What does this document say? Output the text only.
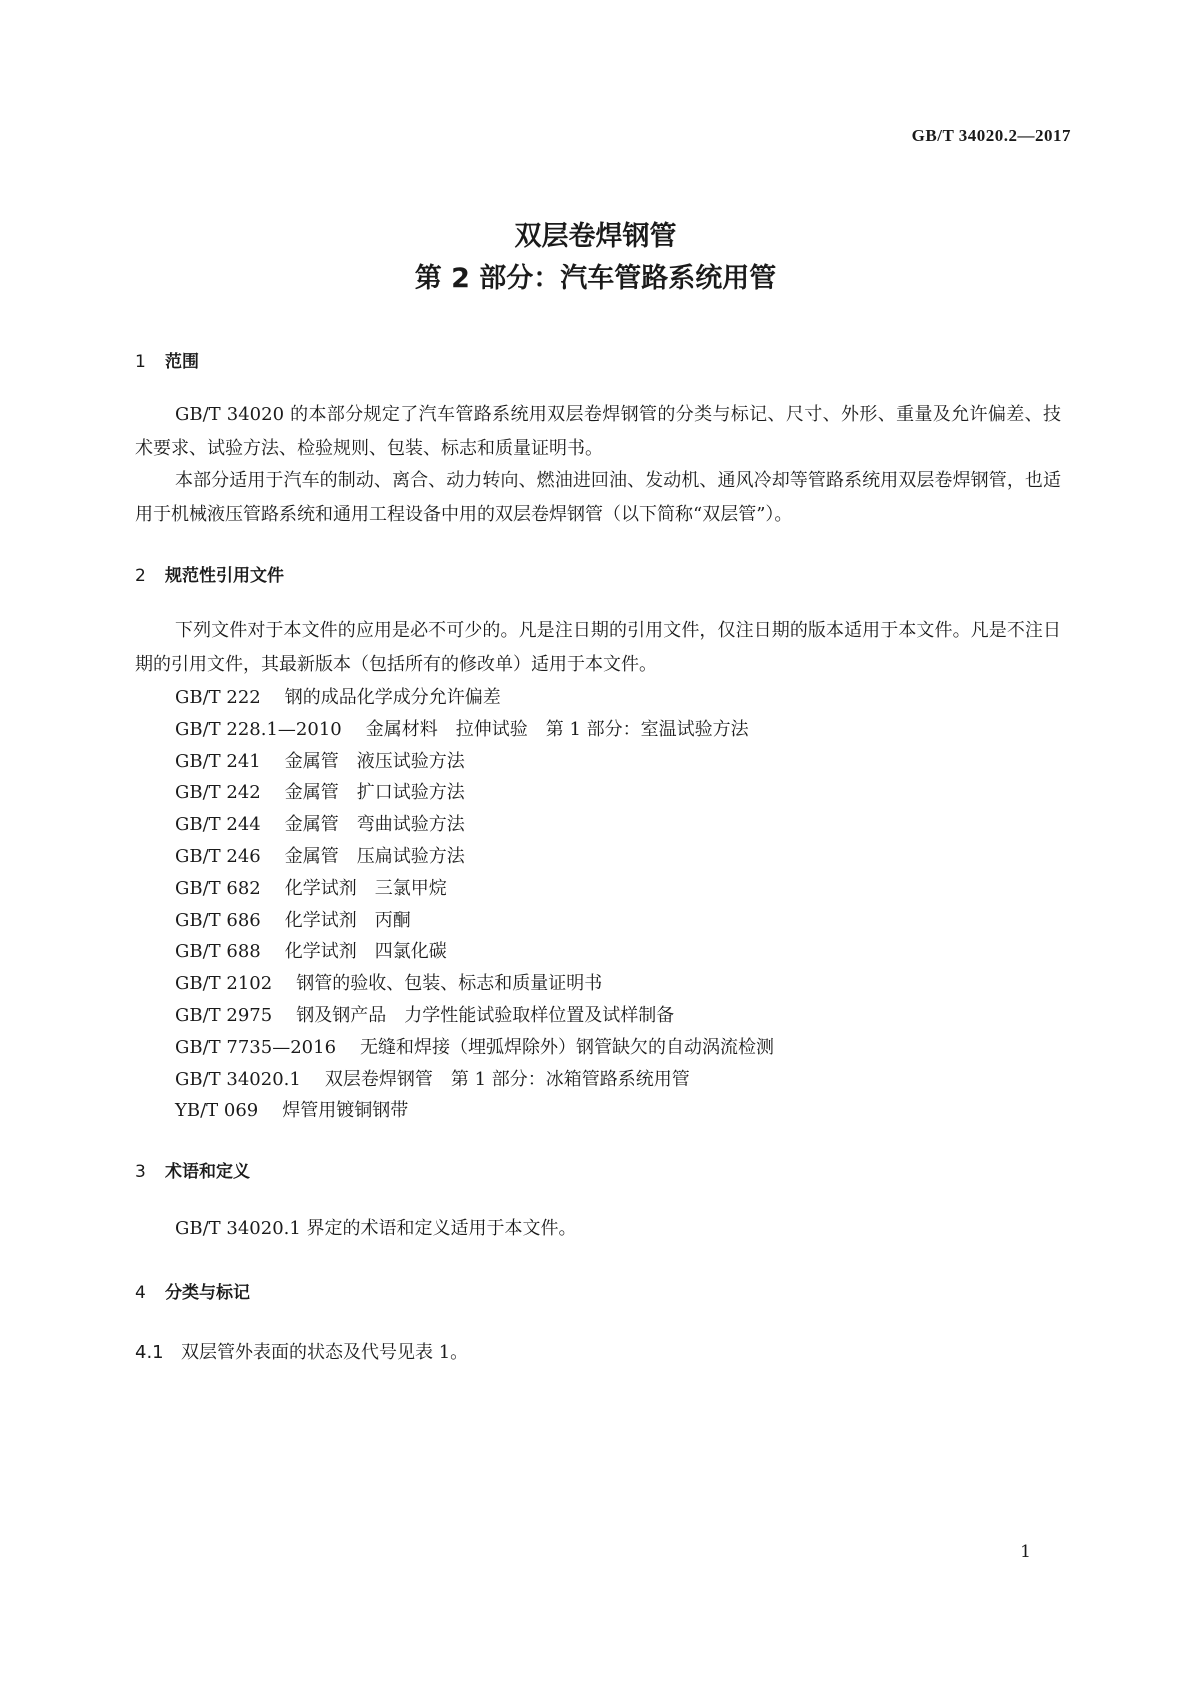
GB/T 34020.2—2017
双层卷焊钢管
第 2 部分：汽车管路系统用管
1 范围
GB/T 34020 的本部分规定了汽车管路系统用双层卷焊钢管的分类与标记、尺寸、外形、重量及允许偏差、技术要求、试验方法、检验规则、包装、标志和质量证明书。
本部分适用于汽车的制动、离合、动力转向、燃油进回油、发动机、通风冷却等管路系统用双层卷焊钢管，也适用于机械液压管路系统和通用工程设备中用的双层卷焊钢管（以下简称“双层管”）。
2 规范性引用文件
下列文件对于本文件的应用是必不可少的。凡是注日期的引用文件，仅注日期的版本适用于本文件。凡是不注日期的引用文件，其最新版本（包括所有的修改单）适用于本文件。
GB/T 222 钢的成品化学成分允许偏差
GB/T 228.1—2010 金属材料　拉伸试验　第 1 部分：室温试验方法
GB/T 241 金属管　液压试验方法
GB/T 242 金属管　扩口试验方法
GB/T 244 金属管　弯曲试验方法
GB/T 246 金属管　压扁试验方法
GB/T 682 化学试剂　三氯甲烷
GB/T 686 化学试剂　丙酮
GB/T 688 化学试剂　四氯化碳
GB/T 2102 钢管的验收、包装、标志和质量证明书
GB/T 2975 钢及钢产品　力学性能试验取样位置及试样制备
GB/T 7735—2016 无缝和焊接（埋弧焊除外）钢管缺欠的自动涡流检测
GB/T 34020.1 双层卷焊钢管　第 1 部分：冰箱管路系统用管
YB/T 069 焊管用镀铜钢带
3 术语和定义
GB/T 34020.1 界定的术语和定义适用于本文件。
4 分类与标记
4.1 双层管外表面的状态及代号见表 1。
1
